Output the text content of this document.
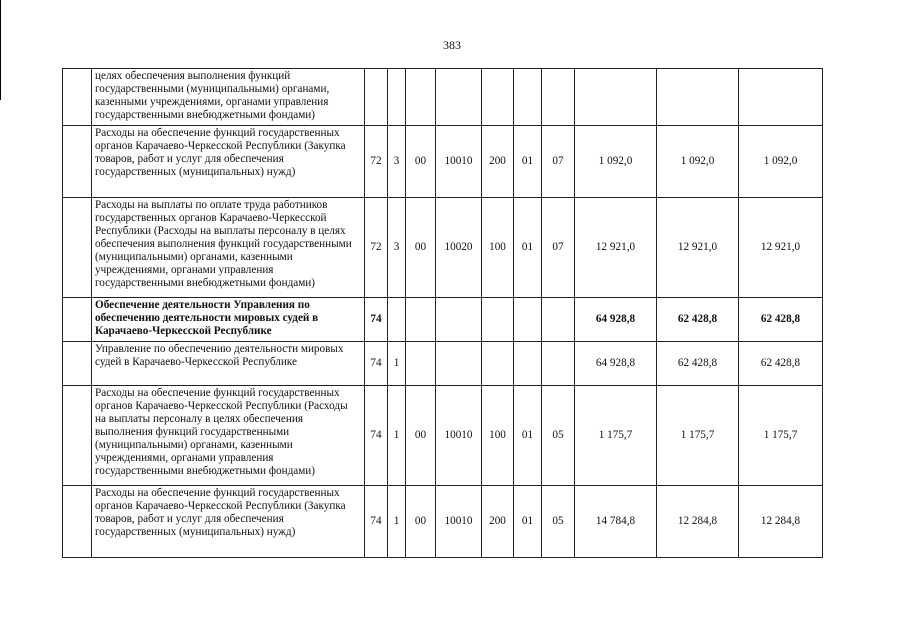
383
	целях обеспечения выполнения функций государственными (муниципальными) органами, казенными учреждениями, органами управления государственными внебюджетными фондами)										
	Расходы на обеспечение функций государственных органов Карачаево-Черкесской Республики (Закупка товаров, работ и услуг для обеспечения государственных (муниципальных) нужд)	72	3	00	10010	200	01	07	1 092,0	1 092,0	1 092,0
	Расходы на выплаты по оплате труда работников государственных органов Карачаево-Черкесской Республики (Расходы на выплаты персоналу в целях обеспечения выполнения функций государственными (муниципальными) органами, казенными учреждениями, органами управления государственными внебюджетными фондами)	72	3	00	10020	100	01	07	12 921,0	12 921,0	12 921,0
	Обеспечение деятельности Управления по обеспечению деятельности мировых судей в Карачаево-Черкесской Республике	74							64 928,8	62 428,8	62 428,8
	Управление по обеспечению деятельности мировых судей в Карачаево-Черкесской Республике	74	1						64 928,8	62 428,8	62 428,8
	Расходы на обеспечение функций государственных органов Карачаево-Черкесской Республики (Расходы на выплаты персоналу в целях обеспечения выполнения функций государственными (муниципальными) органами, казенными учреждениями, органами управления государственными внебюджетными фондами)	74	1	00	10010	100	01	05	1 175,7	1 175,7	1 175,7
	Расходы на обеспечение функций государственных органов Карачаево-Черкесской Республики (Закупка товаров, работ и услуг для обеспечения государственных (муниципальных) нужд)	74	1	00	10010	200	01	05	14 784,8	12 284,8	12 284,8
